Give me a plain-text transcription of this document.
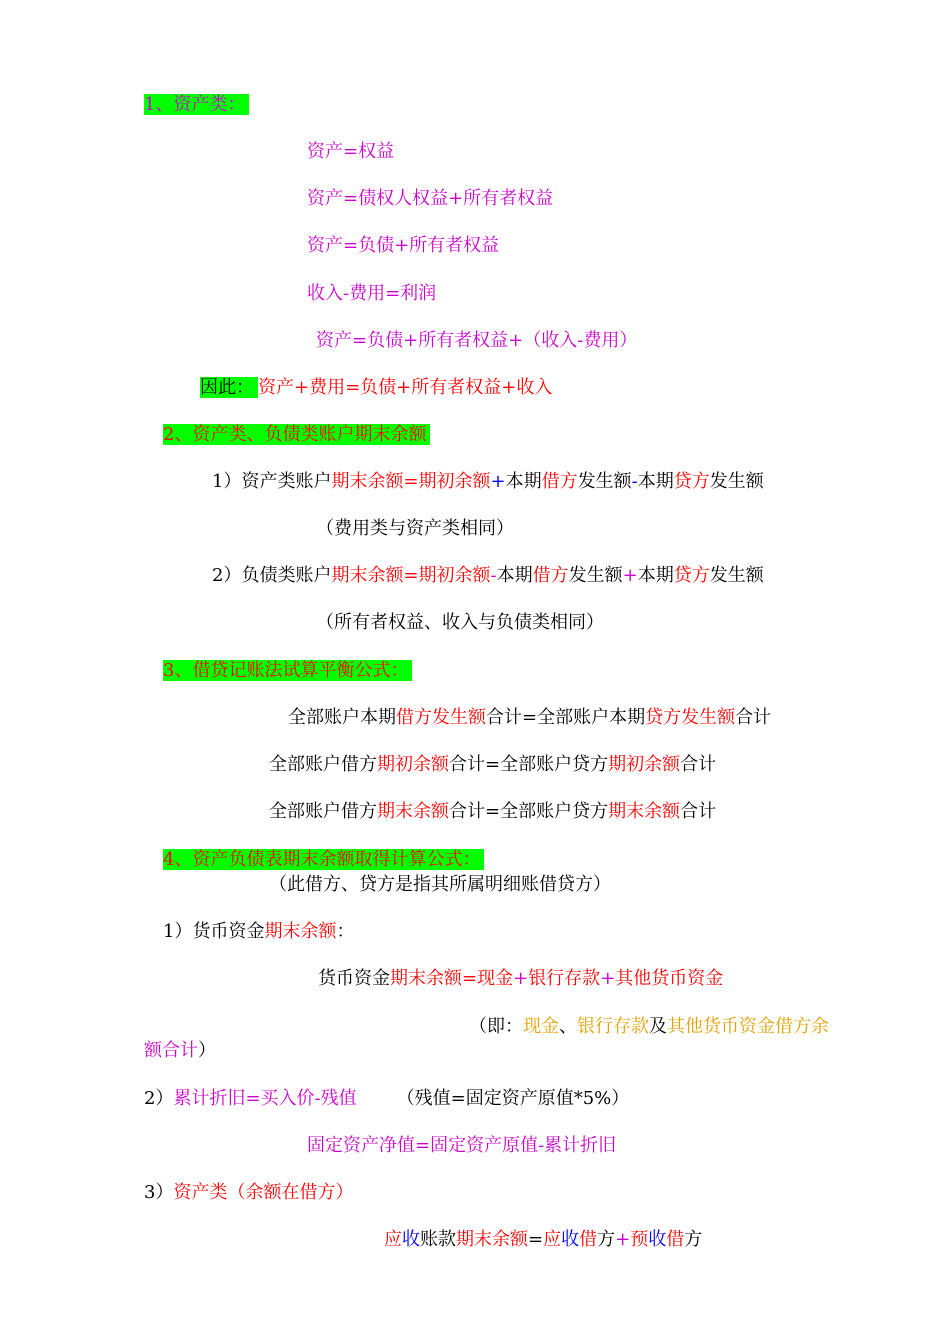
1、资产类：
资产=权益
资产=债权人权益+所有者权益
资产=负债+所有者权益
收入-费用=利润
资产=负债+所有者权益+（收入-费用）
因此： 资产+费用=负债+所有者权益+收入
2、资产类、负债类账户期末余额
1）资产类账户期末余额=期初余额+本期借方发生额-本期贷方发生额
（费用类与资产类相同）
2）负债类账户期末余额=期初余额-本期借方发生额+本期贷方发生额
（所有者权益、收入与负债类相同）
3、借贷记账法试算平衡公式：
全部账户本期借方发生额合计=全部账户本期贷方发生额合计
全部账户借方期初余额合计=全部账户贷方期初余额合计
全部账户借方期末余额合计=全部账户贷方期末余额合计
4、资产负债表期末余额取得计算公式：
（此借方、贷方是指其所属明细账借贷方）
1）货币资金期末余额：
货币资金期末余额=现金+银行存款+其他货币资金
（即：现金、银行存款及其他货币资金借方余
额合计）
2）累计折旧=买入价-残值 （残值=固定资产原值*5%）
固定资产净值=固定资产原值-累计折旧
3）资产类（余额在借方）
应收账款期末余额=应收借方+预收借方
